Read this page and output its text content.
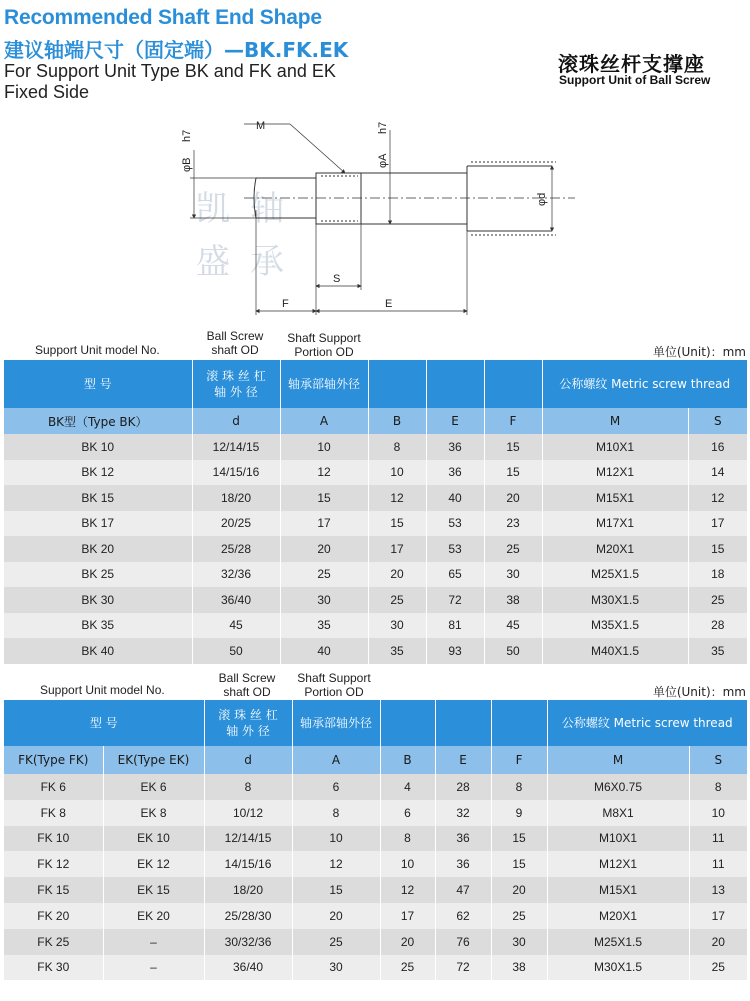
Recommended Shaft End Shape
建议轴端尺寸（固定端）—BK.FK.EK
For Support Unit Type BK and FK and EK
Fixed Side
滚珠丝杆支撑座
Support Unit of Ball Screw
凯 轴
盛 承
M
h7
φB
h7
φA
φd
S
F	E
Support Unit model No.
Ball Screw
shaft OD
Shaft Support
Portion OD	单位(Unit)：mm
型 号	滚 珠 丝 杠
轴 外 径	轴承部轴外径				公称螺纹 Metric screw thread	
BK型（Type BK）	d	A	B	E	F	M	S
BK 10	12/14/15	10	8	36	15	M10X1	16
BK 12	14/15/16	12	10	36	15	M12X1	14
BK 15	18/20	15	12	40	20	M15X1	12
BK 17	20/25	17	15	53	23	M17X1	17
BK 20	25/28	20	17	53	25	M20X1	15
BK 25	32/36	25	20	65	30	M25X1.5	18
BK 30	36/40	30	25	72	38	M30X1.5	25
BK 35	45	35	30	81	45	M35X1.5	28
BK 40	50	40	35	93	50	M40X1.5	35
Support Unit model No.
Ball Screw
shaft OD
Shaft Support
Portion OD	单位(Unit)：mm
型 号		滚 珠 丝 杠
轴 外 径	轴承部轴外径				公称螺纹 Metric screw thread	
FK(Type FK)	EK(Type EK)	d	A	B	E	F	M	S
FK 6	EK 6	8	6	4	28	8	M6X0.75	8
FK 8	EK 8	10/12	8	6	32	9	M8X1	10
FK 10	EK 10	12/14/15	10	8	36	15	M10X1	11
FK 12	EK 12	14/15/16	12	10	36	15	M12X1	11
FK 15	EK 15	18/20	15	12	47	20	M15X1	13
FK 20	EK 20	25/28/30	20	17	62	25	M20X1	17
FK 25	–	30/32/36	25	20	76	30	M25X1.5	20
FK 30	–	36/40	30	25	72	38	M30X1.5	25
